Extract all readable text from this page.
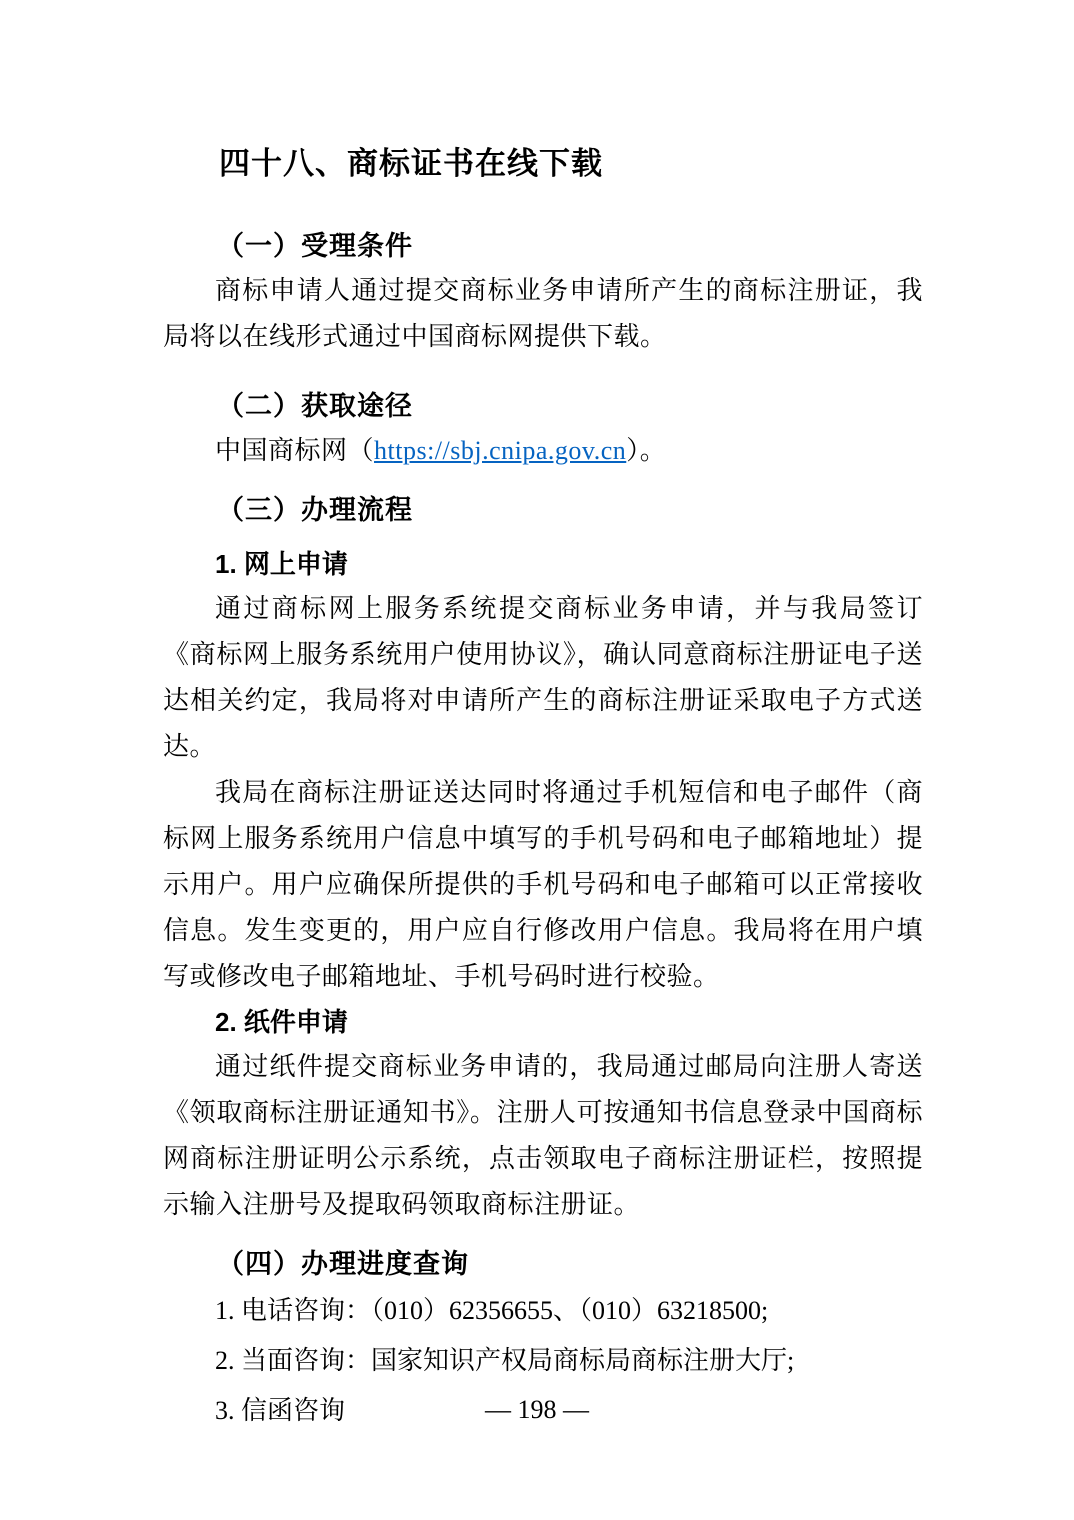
四十八、商标证书在线下载
（一）受理条件

商标申请人通过提交商标业务申请所产生的商标注册证，我局将以在线形式通过中国商标网提供下载。

（二）获取途径

中国商标网（https://sbj.cnipa.gov.cn）。

（三）办理流程
1. 网上申请

通过商标网上服务系统提交商标业务申请，并与我局签订《商标网上服务系统用户使用协议》，确认同意商标注册证电子送达相关约定，我局将对申请所产生的商标注册证采取电子方式送达。

我局在商标注册证送达同时将通过手机短信和电子邮件（商标网上服务系统用户信息中填写的手机号码和电子邮箱地址）提示用户。用户应确保所提供的手机号码和电子邮箱可以正常接收信息。发生变更的，用户应自行修改用户信息。我局将在用户填写或修改电子邮箱地址、手机号码时进行校验。

2. 纸件申请

通过纸件提交商标业务申请的，我局通过邮局向注册人寄送《领取商标注册证通知书》。注册人可按通知书信息登录中国商标网商标注册证明公示系统，点击领取电子商标注册证栏，按照提示输入注册号及提取码领取商标注册证。

（四）办理进度查询

1. 电话咨询：（010）62356655、（010）63218500;

2. 当面咨询：国家知识产权局商标局商标注册大厅;

3. 信函咨询	— 198 —
